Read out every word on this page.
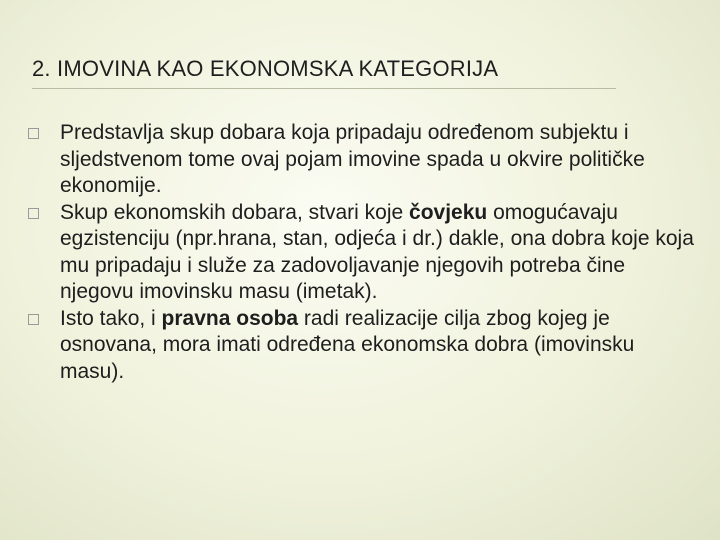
2. IMOVINA KAO EKONOMSKA KATEGORIJA
Predstavlja skup dobara koja pripadaju određenom subjektu i sljedstvenom tome ovaj pojam imovine spada u okvire političke ekonomije.
Skup ekonomskih dobara, stvari koje čovjeku omogućavaju egzistenciju (npr.hrana, stan, odjeća i dr.) dakle, ona dobra koje koja mu pripadaju i služe za zadovoljavanje njegovih potreba čine njegovu imovinsku masu (imetak).
Isto tako, i pravna osoba radi realizacije cilja zbog kojeg je osnovana, mora imati određena ekonomska dobra (imovinsku masu).
